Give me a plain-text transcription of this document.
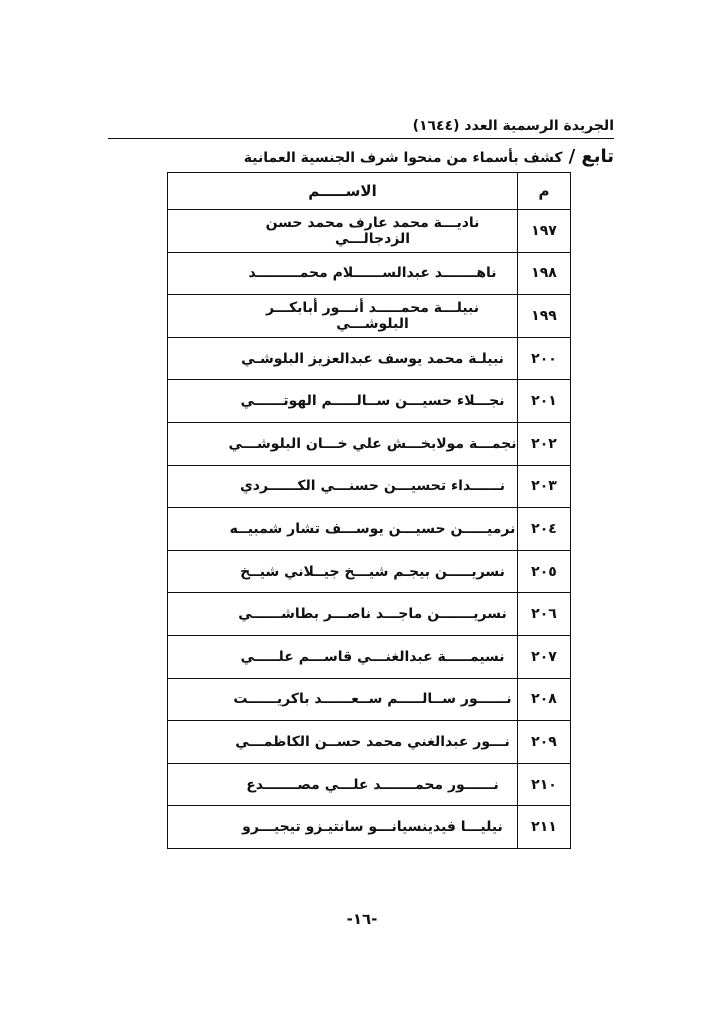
الجريدة الرسمية العدد (١٦٤٤)
تابع /
كشف بأسماء من منحوا شرف الجنسية العمانية
م	الاســـــم
١٩٧	ناديـــة محمد عارف محمد حسن الزدجالـــي
١٩٨	ناهـــــــد عبدالســــــلام محمـــــــــد
١٩٩	نبيلـــة محمـــــد أنـــور أبابكـــر البلوشـــي
٢٠٠	نبيلـة محمد يوسف عبدالعزيز البلوشـي
٢٠١	نجـــلاء حسيـــن ســالـــــم الهوتــــــي
٢٠٢	نجمـــة مولابخـــش علي خـــان البلوشـــي
٢٠٣	نــــــداء تحسيـــن حسنـــي الكــــــردي
٢٠٤	نرميـــــن حسيـــن يوســـف تشار شمبيــه
٢٠٥	نسريـــــن بيجـم شيـــخ جيــلاني شيــخ
٢٠٦	نسريـــــــن ماجـــد ناصـــر بطاشــــــي
٢٠٧	نسيمـــــة عبدالغنـــي قاســـم علـــــي
٢٠٨	نــــــور ســالـــــم ســعــــــد باكريــــــت
٢٠٩	نـــور عبدالغني محمد حســن الكاظمـــي
٢١٠	نــــــور محمـــــــد علـــي مصـــــــدع
٢١١	نيليـــا فيدينسيانـــو سانتيـزو تيجيـــرو
-١٦-
